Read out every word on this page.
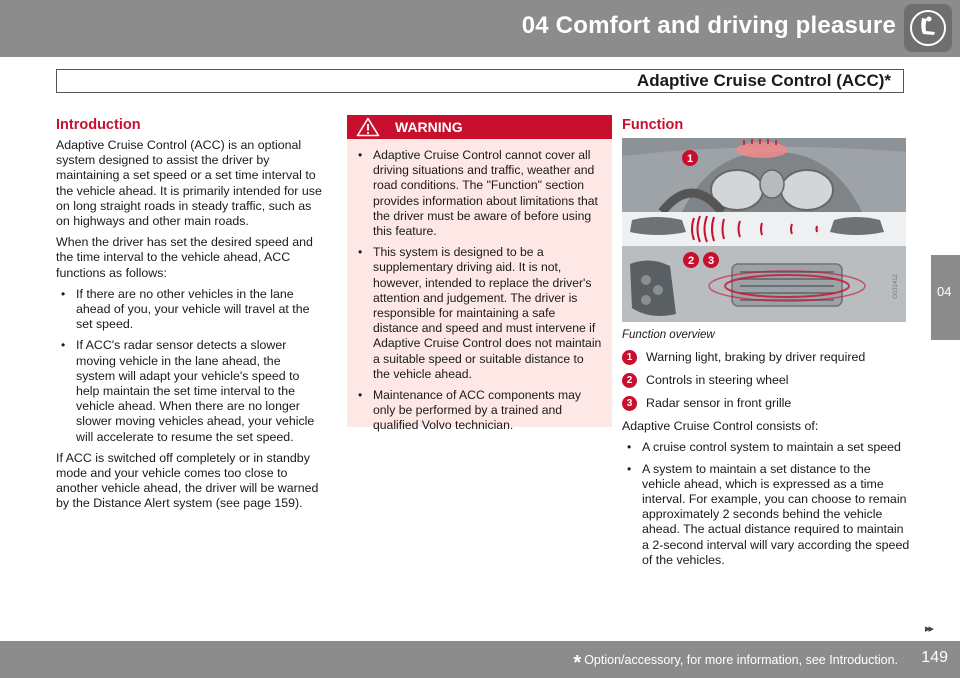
04 Comfort and driving pleasure
Adaptive Cruise Control (ACC)*
04
Introduction

Adaptive Cruise Control (ACC) is an optional system designed to assist the driver by maintaining a set speed or a set time interval to the vehicle ahead. It is primarily intended for use on long straight roads in steady traffic, such as on highways and other main roads.

When the driver has set the desired speed and the time interval to the vehicle ahead, ACC functions as follows:

• If there are no other vehicles in the lane ahead of you, your vehicle will travel at the set speed.
• If ACC's radar sensor detects a slower moving vehicle in the lane ahead, the system will adapt your vehicle's speed to help maintain the set time interval to the vehicle ahead. When there are no longer slower moving vehicles ahead, your vehicle will accelerate to resume the set speed.

If ACC is switched off completely or in standby mode and your vehicle comes too close to another vehicle ahead, the driver will be warned by the Distance Alert system (see page 159).

WARNING
• Adaptive Cruise Control cannot cover all driving situations and traffic, weather and road conditions. The "Function" section provides information about limitations that the driver must be aware of before using this feature.
• This system is designed to be a supplementary driving aid. It is not, however, intended to replace the driver's attention and judgement. The driver is responsible for maintaining a safe distance and speed and must intervene if Adaptive Cruise Control does not maintain a suitable speed or suitable distance to the vehicle ahead.
• Maintenance of ACC components may only be performed by a trained and qualified Volvo technician.
Function
1
2 3
G031412
Function overview
1	Warning light, braking by driver required
2	Controls in steering wheel
3	Radar sensor in front grille

Adaptive Cruise Control consists of:

• A cruise control system to maintain a set speed
• A system to maintain a set distance to the vehicle ahead, which is expressed as a time interval. For example, you can choose to remain approximately 2 seconds behind the vehicle ahead. The actual distance required to maintain a 2-second interval will vary according the speed of the vehicles.
▸▸
* Option/accessory, for more information, see Introduction. 149
